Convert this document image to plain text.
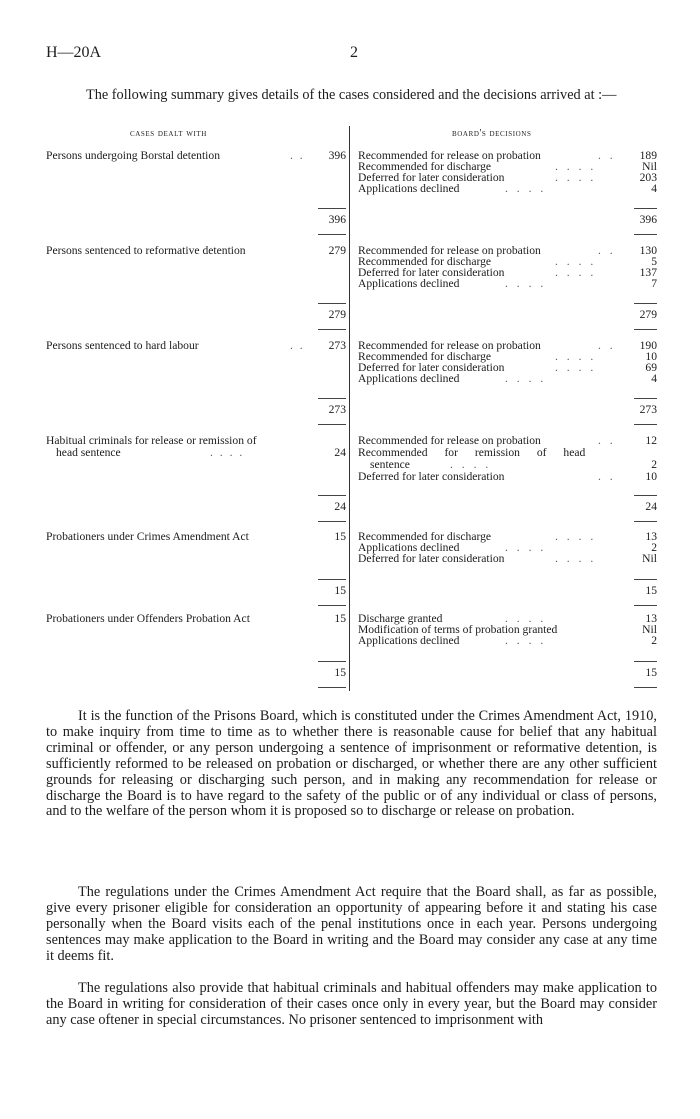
H—20A	2

The following summary gives details of the cases considered and the decisions arrived at :—

cases dealt with	board's decisions
Persons undergoing Borstal detention	. .	396 Recommended for release on probation	. .	189
Recommended for discharge	. . . .	Nil
Deferred for later consideration	. . . .	203
Applications declined	. . . .	4
396	396
Persons sentenced to reformative detention	279 Recommended for release on probation	. .	130
Recommended for discharge	. . . .	5
Deferred for later consideration	. . . .	137
Applications declined	. . . .	7
279	279
Persons sentenced to hard labour	. .	273 Recommended for release on probation	. .	190
Recommended for discharge	. . . .	10
Deferred for later consideration	. . . .	69
Applications declined	. . . .	4
273	273
Habitual criminals for release or remission of
head sentence	. . . .	24
Recommended for release on probation	. .	12
Recommended for remission of head
sentence	. . . .	2
Deferred for later consideration	. .	10
24	24
Probationers under Crimes Amendment Act	15 Recommended for discharge	. . . .	13
Applications declined	. . . .	2
Deferred for later consideration	. . . .	Nil
15	15
Probationers under Offenders Probation Act	15 Discharge granted	. . . .	13
Modification of terms of probation granted	Nil
Applications declined	. . . .	2
15	15

It is the function of the Prisons Board, which is constituted under the Crimes Amendment Act, 1910, to make inquiry from time to time as to whether there is reasonable cause for belief that any habitual criminal or offender, or any person undergoing a sentence of imprisonment or reformative detention, is sufficiently reformed to be released on probation or discharged, or whether there are any other sufficient grounds for releasing or discharging such person, and in making any recommendation for release or discharge the Board is to have regard to the safety of the public or of any individual or class of persons, and to the welfare of the person whom it is proposed so to discharge or release on probation.

The regulations under the Crimes Amendment Act require that the Board shall, as far as possible, give every prisoner eligible for consideration an opportunity of appearing before it and stating his case personally when the Board visits each of the penal institutions once in each year. Persons undergoing sentences may make application to the Board in writing and the Board may consider any case at any time it deems fit.

The regulations also provide that habitual criminals and habitual offenders may make application to the Board in writing for consideration of their cases once only in every year, but the Board may consider any case oftener in special circumstances. No prisoner sentenced to imprisonment with
